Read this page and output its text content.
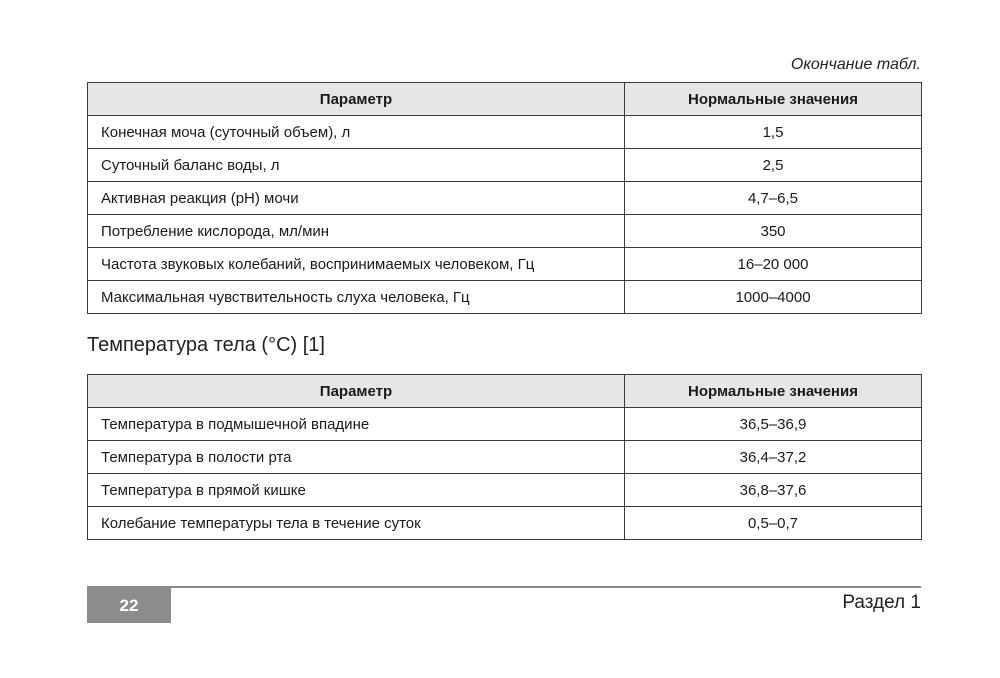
Окончание табл.
Параметр	Нормальные значения
Конечная моча (суточный объем), л	1,5
Суточный баланс воды, л	2,5
Активная реакция (pH) мочи	4,7–6,5
Потребление кислорода, мл/мин	350
Частота звуковых колебаний, воспринимаемых человеком, Гц	16–20 000
Максимальная чувствительность слуха человека, Гц	1000–4000
Температура тела (°C) [1]
Параметр	Нормальные значения
Температура в подмышечной впадине	36,5–36,9
Температура в полости рта	36,4–37,2
Температура в прямой кишке	36,8–37,6
Колебание температуры тела в течение суток	0,5–0,7
22	Раздел 1
